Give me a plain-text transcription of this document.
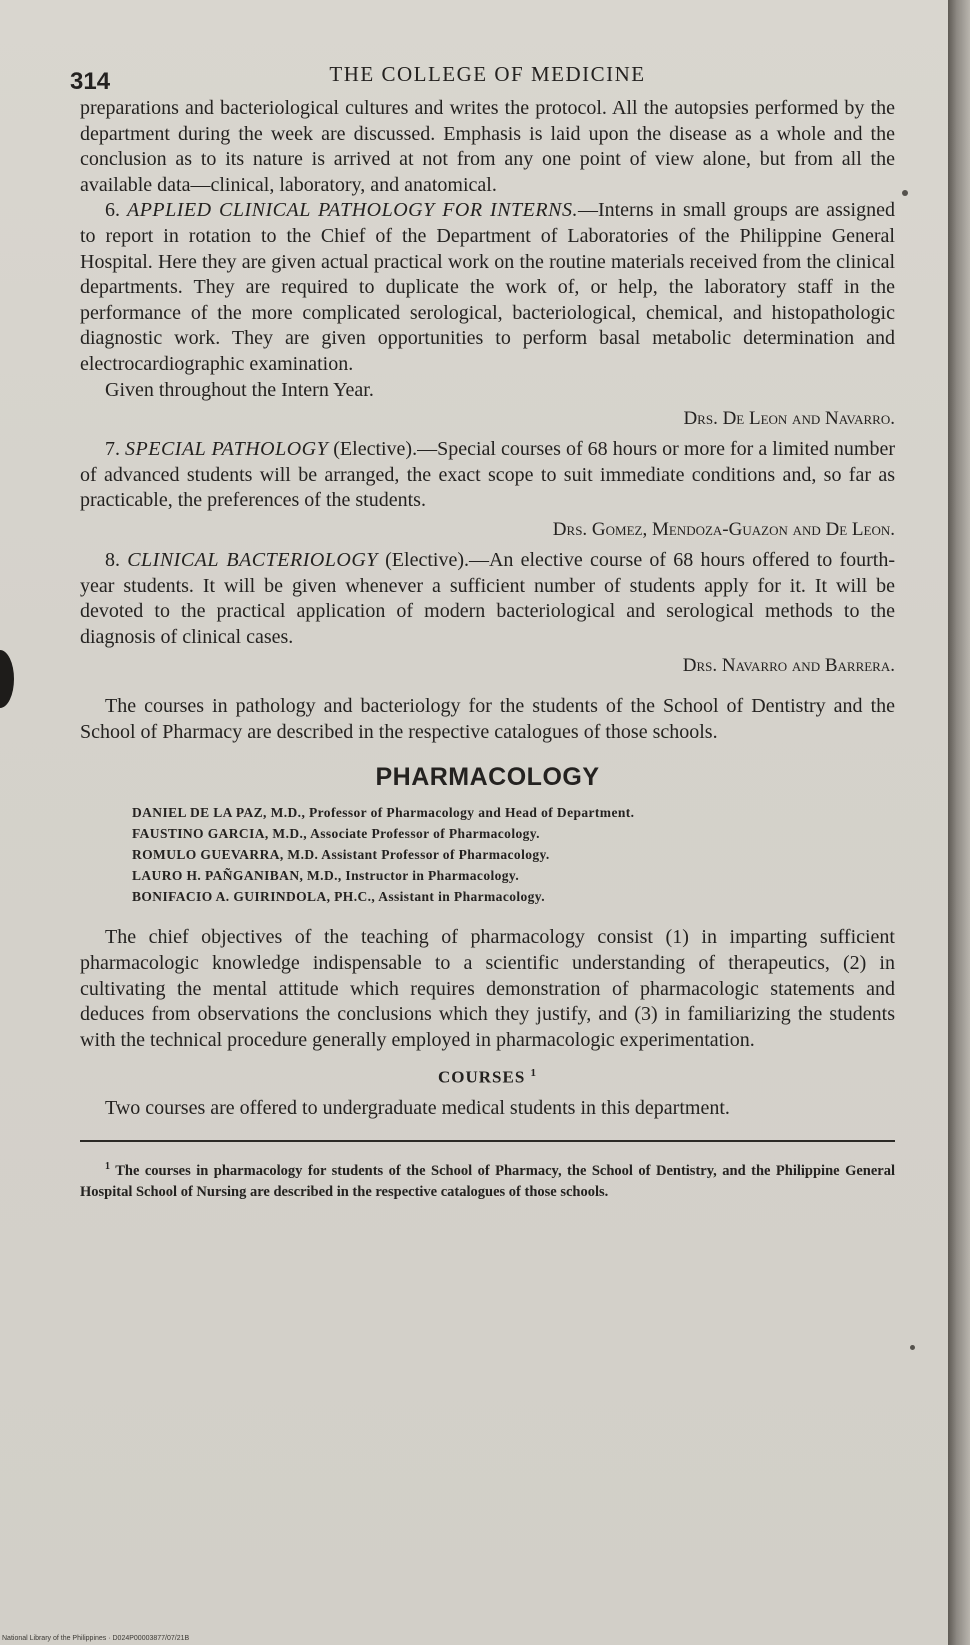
314	THE COLLEGE OF MEDICINE

preparations and bacteriological cultures and writes the protocol. All the autopsies performed by the department during the week are discussed. Emphasis is laid upon the disease as a whole and the conclusion as to its nature is arrived at not from any one point of view alone, but from all the available data—clinical, laboratory, and anatomical.

6. APPLIED CLINICAL PATHOLOGY FOR INTERNS.—Interns in small groups are assigned to report in rotation to the Chief of the Department of Laboratories of the Philippine General Hospital. Here they are given actual practical work on the routine materials received from the clinical departments. They are required to duplicate the work of, or help, the laboratory staff in the performance of the more complicated serological, bacteriological, chemical, and histopathologic diagnostic work. They are given opportunities to perform basal metabolic determination and electrocardiographic examination.

Given throughout the Intern Year.

Drs. De Leon and Navarro.

7. SPECIAL PATHOLOGY (Elective).—Special courses of 68 hours or more for a limited number of advanced students will be arranged, the exact scope to suit immediate conditions and, so far as practicable, the preferences of the students.

Drs. Gomez, Mendoza-Guazon and De Leon.

8. CLINICAL BACTERIOLOGY (Elective).—An elective course of 68 hours offered to fourth-year students. It will be given whenever a sufficient number of students apply for it. It will be devoted to the practical application of modern bacteriological and serological methods to the diagnosis of clinical cases.

Drs. Navarro and Barrera.

The courses in pathology and bacteriology for the students of the School of Dentistry and the School of Pharmacy are described in the respective catalogues of those schools.

PHARMACOLOGY
DANIEL DE LA PAZ, M.D., Professor of Pharmacology and Head of Department.
FAUSTINO GARCIA, M.D., Associate Professor of Pharmacology.
ROMULO GUEVARRA, M.D. Assistant Professor of Pharmacology.
LAURO H. PAÑGANIBAN, M.D., Instructor in Pharmacology.
BONIFACIO A. GUIRINDOLA, PH.C., Assistant in Pharmacology.

The chief objectives of the teaching of pharmacology consist (1) in imparting sufficient pharmacologic knowledge indispensable to a scientific understanding of therapeutics, (2) in cultivating the mental attitude which requires demonstration of pharmacologic statements and deduces from observations the conclusions which they justify, and (3) in familiarizing the students with the technical procedure generally employed in pharmacologic experimentation.

COURSES $^1$

Two courses are offered to undergraduate medical students in this department.

$^1$ The courses in pharmacology for students of the School of Pharmacy, the School of Dentistry, and the Philippine General Hospital School of Nursing are described in the respective catalogues of those schools.

National Library of the Philippines · D024P00003877/07/21B
